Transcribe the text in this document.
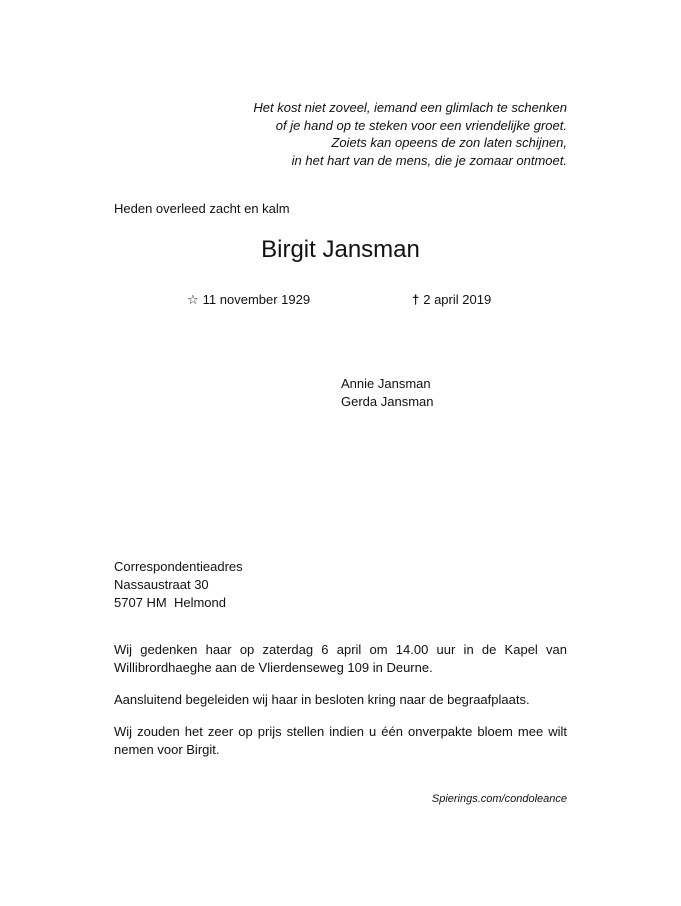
Het kost niet zoveel, iemand een glimlach te schenken
of je hand op te steken voor een vriendelijke groet.
Zoiets kan opeens de zon laten schijnen,
in het hart van de mens, die je zomaar ontmoet.
Heden overleed zacht en kalm
Birgit Jansman
☆ 11 november 1929	† 2 april 2019
Annie Jansman
Gerda Jansman
Correspondentieadres
Nassaustraat 30
5707 HM  Helmond

Wij gedenken haar op zaterdag 6 april om 14.00 uur in de Kapel van Willibrordhaeghe aan de Vlierdenseweg 109 in Deurne.

Aansluitend begeleiden wij haar in besloten kring naar de begraafplaats.

Wij zouden het zeer op prijs stellen indien u één onverpakte bloem mee wilt nemen voor Birgit.

Spierings.com/condoleance
